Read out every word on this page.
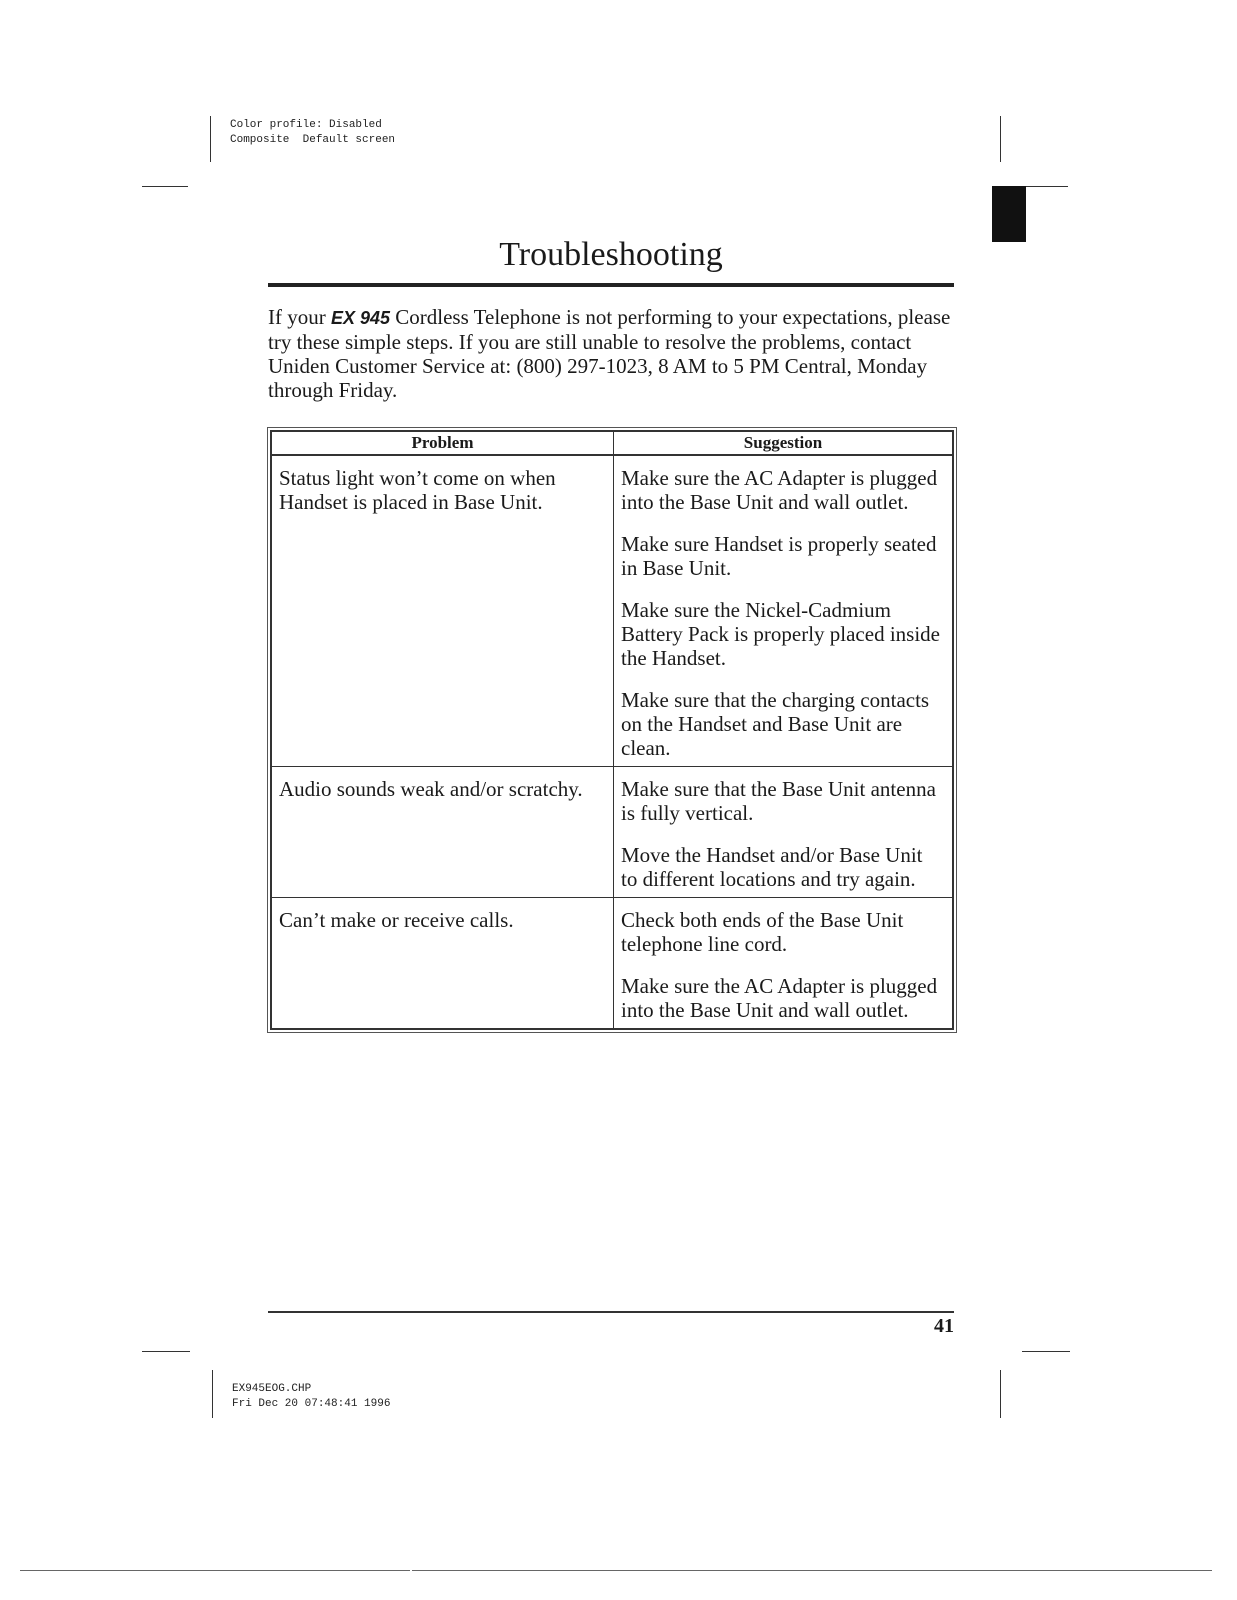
Color profile: Disabled
Composite  Default screen
Troubleshooting

If your EX 945 Cordless Telephone is not performing to your expectations, please try these simple steps. If you are still unable to resolve the problems, contact Uniden Customer Service at: (800) 297-1023, 8 AM to 5 PM Central, Monday through Friday.

Problem	Suggestion
Status light won’t come on when Handset is placed in Base Unit.	Make sure the AC Adapter is plugged into the Base Unit and wall outlet.

Make sure Handset is properly seated in Base Unit.

Make sure the Nickel-Cadmium Battery Pack is properly placed inside the Handset.

Make sure that the charging contacts on the Handset and Base Unit are clean.

Audio sounds weak and/or scratchy.	Make sure that the Base Unit antenna is fully vertical.

Move the Handset and/or Base Unit to different locations and try again.

Can’t make or receive calls.	Check both ends of the Base Unit telephone line cord.

Make sure the AC Adapter is plugged into the Base Unit and wall outlet.

41
EX945EOG.CHP
Fri Dec 20 07:48:41 1996
